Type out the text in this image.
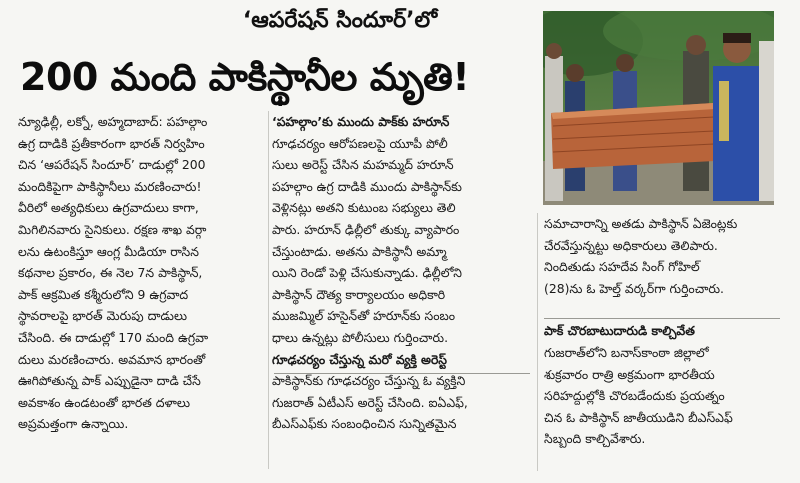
‘ఆపరేషన్ సిందూర్’లో
200 మంది పాకిస్థానీల మృతి!

న్యూఢిల్లీ, లక్నో, అహ్మదాబాద్: పహల్గాం

ఉగ్ర దాడికి ప్రతీకారంగా భారత్ నిర్వహిం

చిన ‘ఆపరేషన్ సిందూర్’ దాడుల్లో 200

మందికిపైగా పాకిస్థానీలు మరణించారు!

వీరిలో అత్యధికులు ఉగ్రవాదులు కాగా,

మిగిలినవారు సైనికులు. రక్షణ శాఖ వర్గా

లను ఉటంకిస్తూ ఆంగ్ల మీడియా రాసిన

కథనాల ప్రకారం, ఈ నెల 7న పాకిస్థాన్,

పాక్ ఆక్రమిత కశ్మీరులోని 9 ఉగ్రవాద

స్థావరాలపై భారత్ మెరుపు దాడులు

చేసింది. ఈ దాడుల్లో 170 మంది ఉగ్రవా

దులు మరణించారు. అవమాన భారంతో

ఊగిపోతున్న పాక్ ఎప్పుడైనా దాడి చేసే

అవకాశం ఉండటంతో భారత దళాలు

అప్రమత్తంగా ఉన్నాయి.

‘పహల్గాం’కు ముందు పాక్‌కు హరూన్

గూఢచర్యం ఆరోపణలపై యూపీ పోలీ

సులు అరెస్ట్ చేసిన మహమ్మద్ హరూన్

పహల్గాం ఉగ్ర దాడికి ముందు పాకిస్థాన్‌కు

వెళ్లినట్లు అతని కుటుంబ సభ్యులు తెలి

పారు. హరూన్ ఢిల్లీలో తుక్కు వ్యాపారం

చేస్తుంటాడు. అతను పాకిస్థానీ అమ్మా

యిని రెండో పెళ్లి చేసుకున్నాడు. ఢిల్లీలోని

పాకిస్థాన్ దౌత్య కార్యాలయం అధికారి

ముజమ్మిల్ హసైన్‌తో హరూన్‌కు సంబం

ధాలు ఉన్నట్లు పోలీసులు గుర్తించారు.

గూఢచర్యం చేస్తున్న మరో వ్యక్తి అరెస్ట్

పాకిస్థాన్‌కు గూఢచర్యం చేస్తున్న ఓ వ్యక్తిని

గుజరాత్ ఏటీఎస్ అరెస్ట్ చేసింది. ఐఏఎఫ్,

బీఎస్ఎఫ్‌కు సంబంధించిన సున్నితమైన

సమాచారాన్ని అతడు పాకిస్థాన్ ఏజెంట్లకు

చేరవేస్తున్నట్టు అధికారులు తెలిపారు.

నిందితుడు సహదేవ సింగ్ గోహిల్

(28)ను ఓ హెల్త్ వర్కర్‌గా గుర్తించారు.

పాక్ చొరబాటుదారుడి కాల్చివేత

గుజరాత్‌లోని బనాస్‌కాంఠా జిల్లాలో

శుక్రవారం రాత్రి అక్రమంగా భారతీయ

సరిహద్దుల్లోకి చొరబడేందుకు ప్రయత్నం

చిన ఓ పాకిస్థాన్ జాతీయుడిని బీఎస్ఎఫ్

సిబ్బంది కాల్చివేశారు.
